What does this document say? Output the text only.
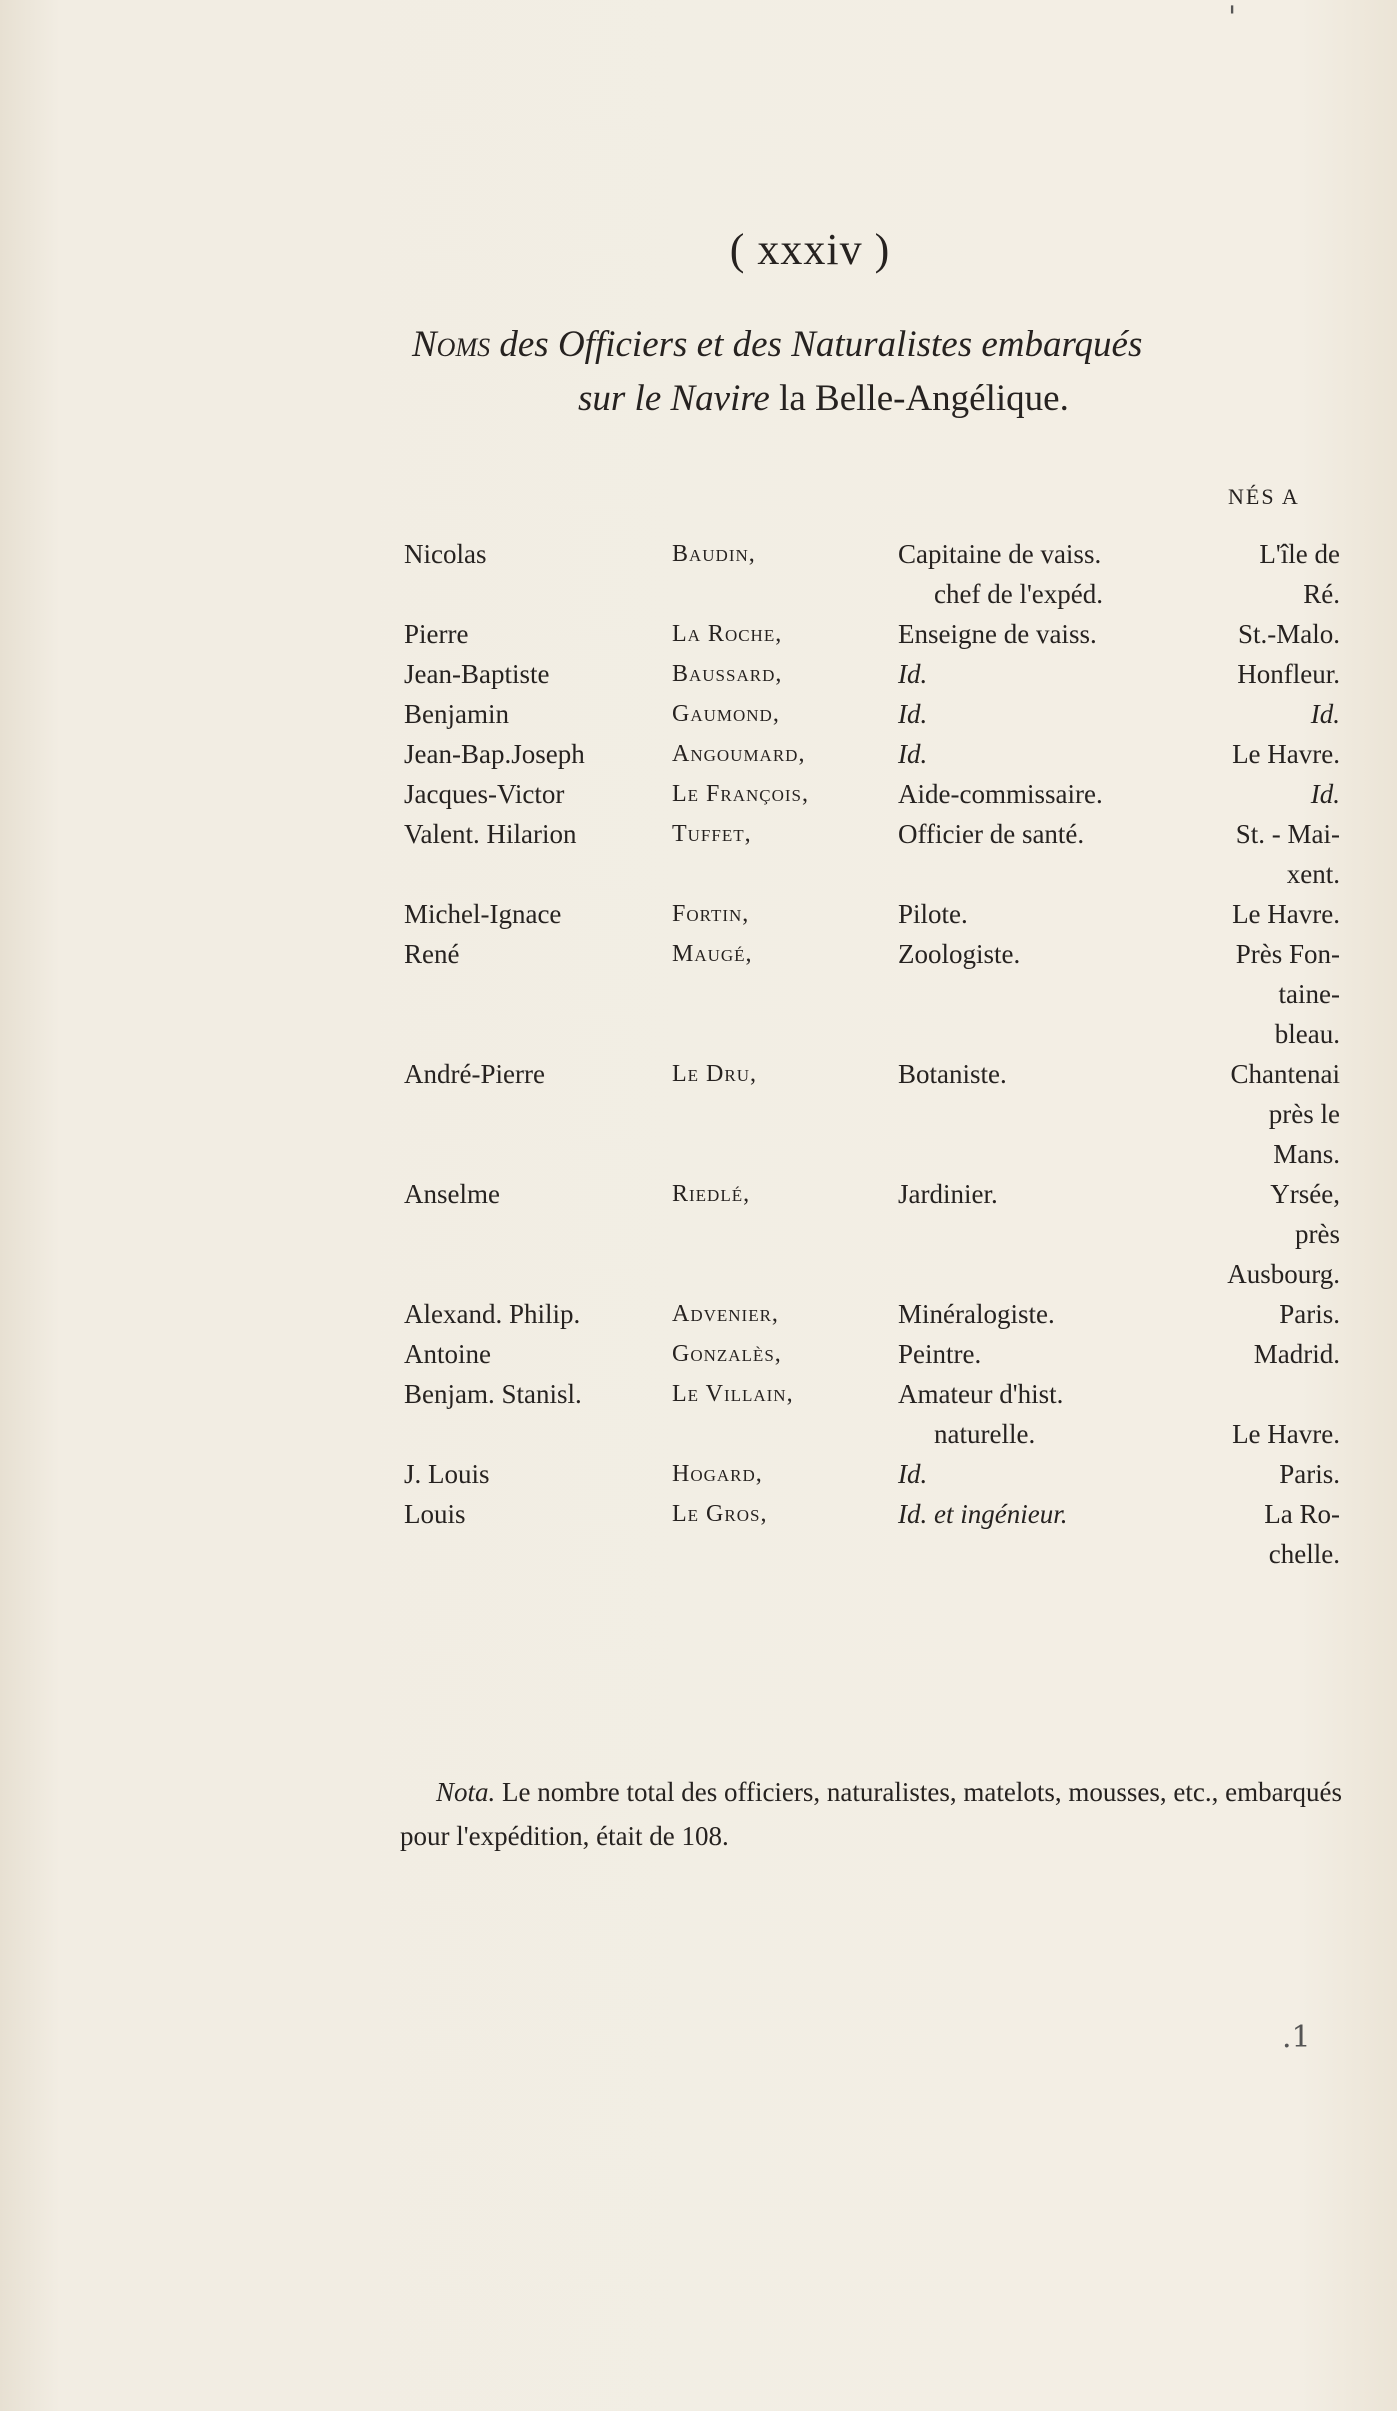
( xxxiv )
Noms des Officiers et des Naturalistes embarqués
sur le Navire la Belle-Angélique.
NÉS A
Nicolas	Baudin,	Capitaine de vaiss.	L'île de
chef de l'expéd.	Ré.
Pierre	La Roche,	Enseigne de vaiss.	St.-Malo.
Jean-Baptiste	Baussard,	Id.	Honfleur.
Benjamin	Gaumond,	Id.	Id.
Jean-Bap.Joseph	Angoumard,	Id.	Le Havre.
Jacques-Victor	Le François,	Aide-commissaire.	Id.
Valent. Hilarion	Tuffet,	Officier de santé.	St. - Mai-
xent.
Michel-Ignace	Fortin,	Pilote.	Le Havre.
René	Maugé,	Zoologiste.	Près Fon-
taine-
bleau.
André-Pierre	Le Dru,	Botaniste.	Chantenai
près le
Mans.
Anselme	Riedlé,	Jardinier.	Yrsée,
près
Ausbourg.
Alexand. Philip.	Advenier,	Minéralogiste.	Paris.
Antoine	Gonzalès,	Peintre.	Madrid.
Benjam. Stanisl.	Le Villain,	Amateur d'hist.
naturelle.	Le Havre.
J. Louis	Hogard,	Id.	Paris.
Louis	Le Gros,	Id. et ingénieur.	La Ro-
chelle.
Nota. Le nombre total des officiers, naturalistes, matelots, mousses, etc., embarqués pour l'expédition, était de 108.
.1
'
